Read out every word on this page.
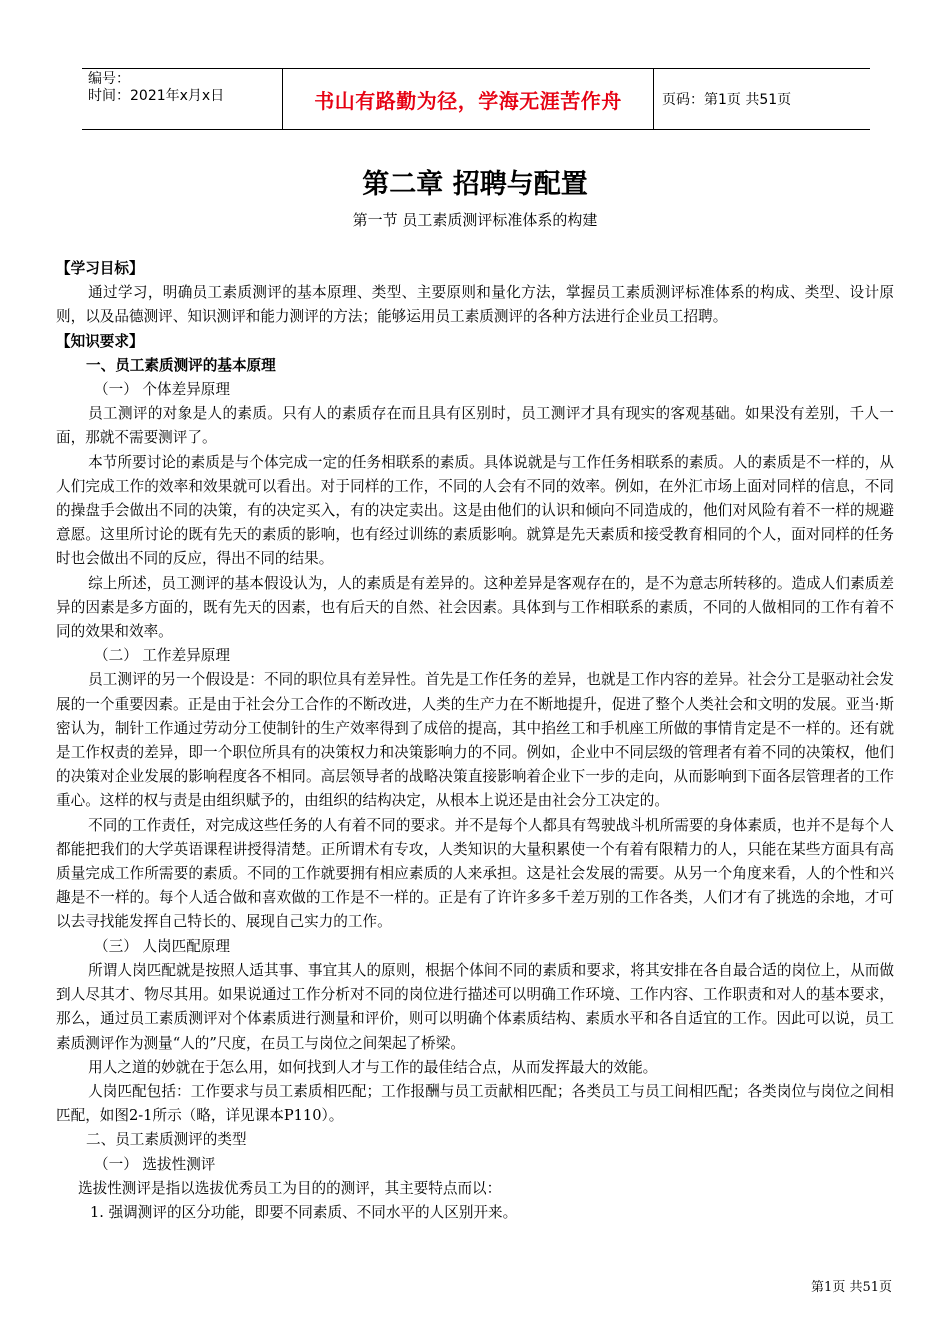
编号：
时间：2021年x月x日	书山有路勤为径，学海无涯苦作舟	页码：第1页 共51页
第二章 招聘与配置
第一节 员工素质测评标准体系的构建

【学习目标】

通过学习，明确员工素质测评的基本原理、类型、主要原则和量化方法，掌握员工素质测评标准体系的构成、类型、设计原则，以及品德测评、知识测评和能力测评的方法；能够运用员工素质测评的各种方法进行企业员工招聘。

【知识要求】

一、员工素质测评的基本原理

（一） 个体差异原理

员工测评的对象是人的素质。只有人的素质存在而且具有区别时，员工测评才具有现实的客观基础。如果没有差别，千人一面，那就不需要测评了。

本节所要讨论的素质是与个体完成一定的任务相联系的素质。具体说就是与工作任务相联系的素质。人的素质是不一样的，从人们完成工作的效率和效果就可以看出。对于同样的工作，不同的人会有不同的效率。例如，在外汇市场上面对同样的信息，不同的操盘手会做出不同的决策，有的决定买入，有的决定卖出。这是由他们的认识和倾向不同造成的，他们对风险有着不一样的规避意愿。这里所讨论的既有先天的素质的影响，也有经过训练的素质影响。就算是先天素质和接受教育相同的个人，面对同样的任务时也会做出不同的反应，得出不同的结果。

综上所述，员工测评的基本假设认为，人的素质是有差异的。这种差异是客观存在的，是不为意志所转移的。造成人们素质差异的因素是多方面的，既有先天的因素，也有后天的自然、社会因素。具体到与工作相联系的素质，不同的人做相同的工作有着不同的效果和效率。

（二） 工作差异原理

员工测评的另一个假设是：不同的职位具有差异性。首先是工作任务的差异，也就是工作内容的差异。社会分工是驱动社会发展的一个重要因素。正是由于社会分工合作的不断改进，人类的生产力在不断地提升，促进了整个人类社会和文明的发展。亚当·斯密认为，制针工作通过劳动分工使制针的生产效率得到了成倍的提高，其中掐丝工和手机座工所做的事情肯定是不一样的。还有就是工作权责的差异，即一个职位所具有的决策权力和决策影响力的不同。例如，企业中不同层级的管理者有着不同的决策权，他们的决策对企业发展的影响程度各不相同。高层领导者的战略决策直接影响着企业下一步的走向，从而影响到下面各层管理者的工作重心。这样的权与责是由组织赋予的，由组织的结构决定，从根本上说还是由社会分工决定的。

不同的工作责任，对完成这些任务的人有着不同的要求。并不是每个人都具有驾驶战斗机所需要的身体素质，也并不是每个人都能把我们的大学英语课程讲授得清楚。正所谓术有专攻，人类知识的大量积累使一个有着有限精力的人，只能在某些方面具有高质量完成工作所需要的素质。不同的工作就要拥有相应素质的人来承担。这是社会发展的需要。从另一个角度来看，人的个性和兴趣是不一样的。每个人适合做和喜欢做的工作是不一样的。正是有了许许多多千差万别的工作各类，人们才有了挑选的余地，才可以去寻找能发挥自己特长的、展现自己实力的工作。

（三） 人岗匹配原理

所谓人岗匹配就是按照人适其事、事宜其人的原则，根据个体间不同的素质和要求，将其安排在各自最合适的岗位上，从而做到人尽其才、物尽其用。如果说通过工作分析对不同的岗位进行描述可以明确工作环境、工作内容、工作职责和对人的基本要求，那么，通过员工素质测评对个体素质进行测量和评价，则可以明确个体素质结构、素质水平和各自适宜的工作。因此可以说，员工素质测评作为测量“人的”尺度，在员工与岗位之间架起了桥梁。

用人之道的妙就在于怎么用，如何找到人才与工作的最佳结合点，从而发挥最大的效能。

人岗匹配包括：工作要求与员工素质相匹配；工作报酬与员工贡献相匹配；各类员工与员工间相匹配；各类岗位与岗位之间相匹配，如图2-1所示（略，详见课本P110）。

二、员工素质测评的类型

（一） 选拔性测评

选拔性测评是指以选拔优秀员工为目的的测评，其主要特点而以：

1. 强调测评的区分功能，即要不同素质、不同水平的人区别开来。

第1页 共51页
